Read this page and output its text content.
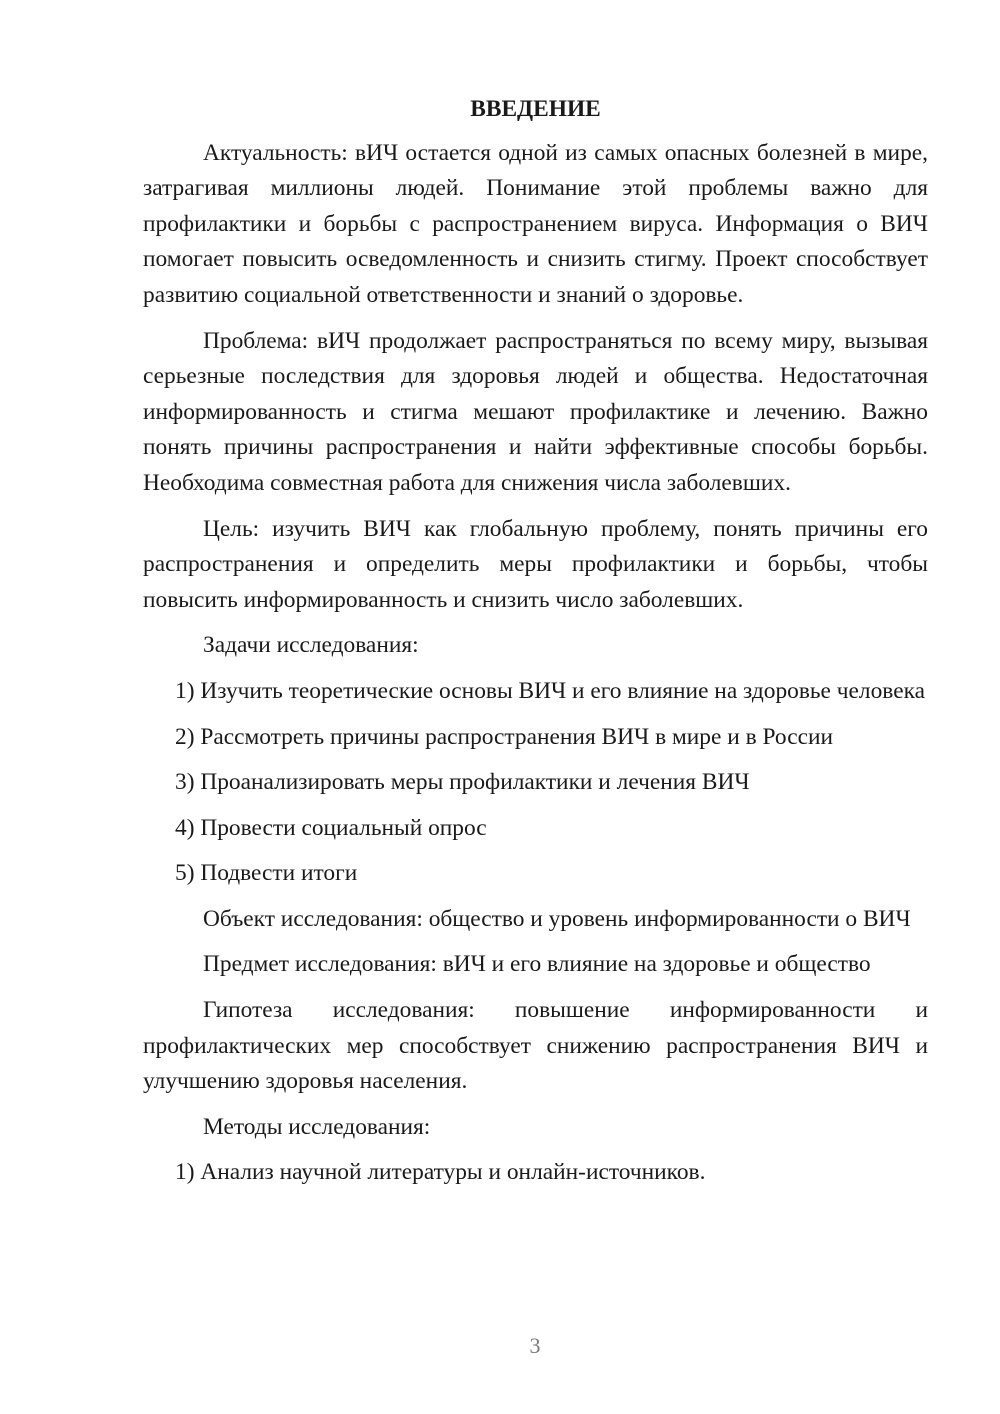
ВВЕДЕНИЕ

Актуальность: вИЧ остается одной из самых опасных болезней в мире, затрагивая миллионы людей. Понимание этой проблемы важно для профилактики и борьбы с распространением вируса. Информация о ВИЧ помогает повысить осведомленность и снизить стигму. Проект способствует развитию социальной ответственности и знаний о здоровье.

Проблема: вИЧ продолжает распространяться по всему миру, вызывая серьезные последствия для здоровья людей и общества. Недостаточная информированность и стигма мешают профилактике и лечению. Важно понять причины распространения и найти эффективные способы борьбы. Необходима совместная работа для снижения числа заболевших.

Цель: изучить ВИЧ как глобальную проблему, понять причины его распространения и определить меры профилактики и борьбы, чтобы повысить информированность и снизить число заболевших.

Задачи исследования:

1) Изучить теоретические основы ВИЧ и его влияние на здоровье человека

2) Рассмотреть причины распространения ВИЧ в мире и в России

3) Проанализировать меры профилактики и лечения ВИЧ

4) Провести социальный опрос

5) Подвести итоги

Объект исследования: общество и уровень информированности о ВИЧ

Предмет исследования: вИЧ и его влияние на здоровье и общество

Гипотеза исследования: повышение информированности и профилактических мер способствует снижению распространения ВИЧ и улучшению здоровья населения.

Методы исследования:

1) Анализ научной литературы и онлайн-источников.

3
